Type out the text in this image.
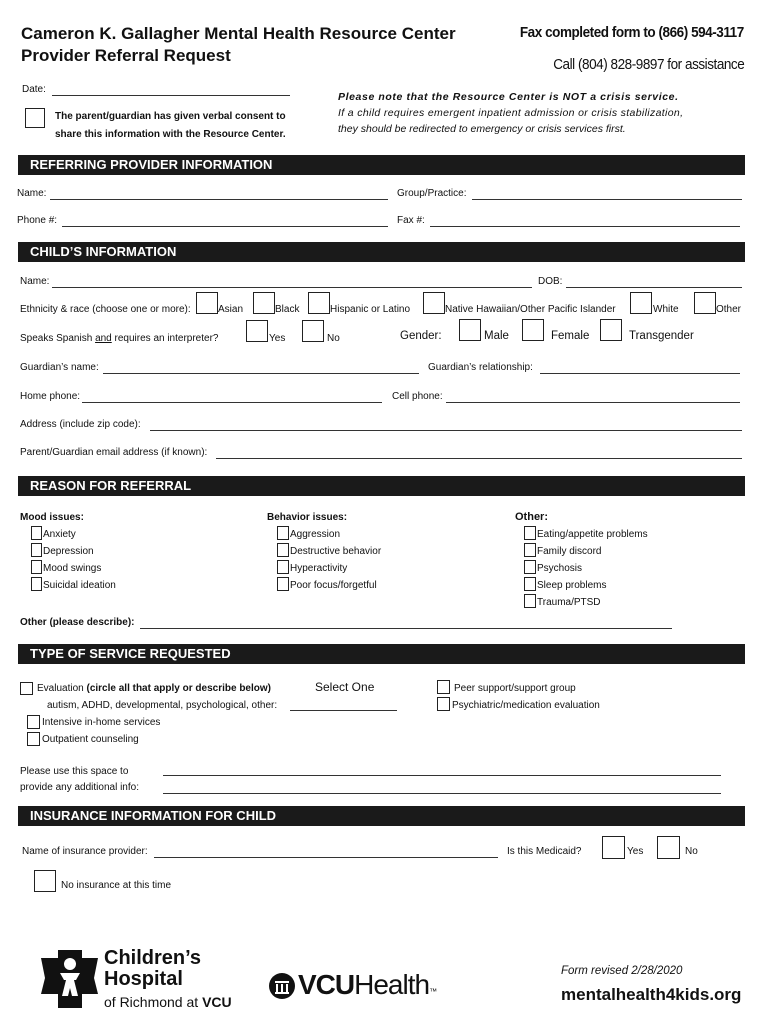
Cameron K. Gallagher Mental Health Resource Center
Provider Referral Request
Fax completed form to (866) 594-3117
Call (804) 828-9897 for assistance
Date:
The parent/guardian has given verbal consent to
share this information with the Resource Center.
Please note that the Resource Center is NOT a crisis service.
If a child requires emergent inpatient admission or crisis stabilization,
they should be redirected to emergency or crisis services first.
REFERRING PROVIDER INFORMATION
Name:	Group/Practice:
Phone #:	Fax #:
CHILD’S INFORMATION
Name:	DOB:
Ethnicity & race (choose one or more):	Asian	Black	Hispanic or Latino	Native Hawaiian/Other Pacific Islander	White	Other
Speaks Spanish and requires an interpreter?	Yes	No	Gender:	Male	Female	Transgender
Guardian’s name:	Guardian’s relationship:
Home phone:	Cell phone:
Address (include zip code):
Parent/Guardian email address (if known):
REASON FOR REFERRAL
Mood issues:
Anxiety
Depression
Mood swings
Suicidal ideation
Behavior issues:
Aggression
Destructive behavior
Hyperactivity
Poor focus/forgetful
Other:
Eating/appetite problems
Family discord
Psychosis
Sleep problems
Trauma/PTSD
Other (please describe):
TYPE OF SERVICE REQUESTED
Evaluation (circle all that apply or describe below)	Select One
autism, ADHD, developmental, psychological, other:
Intensive in-home services
Outpatient counseling
Peer support/support group
Psychiatric/medication evaluation
Please use this space to
provide any additional info:
INSURANCE INFORMATION FOR CHILD
Name of insurance provider:	Is this Medicaid?	Yes	No
No insurance at this time
Children’s
Hospital
of Richmond at VCU
VCUHealth™
Form revised 2/28/2020
mentalhealth4kids.org
